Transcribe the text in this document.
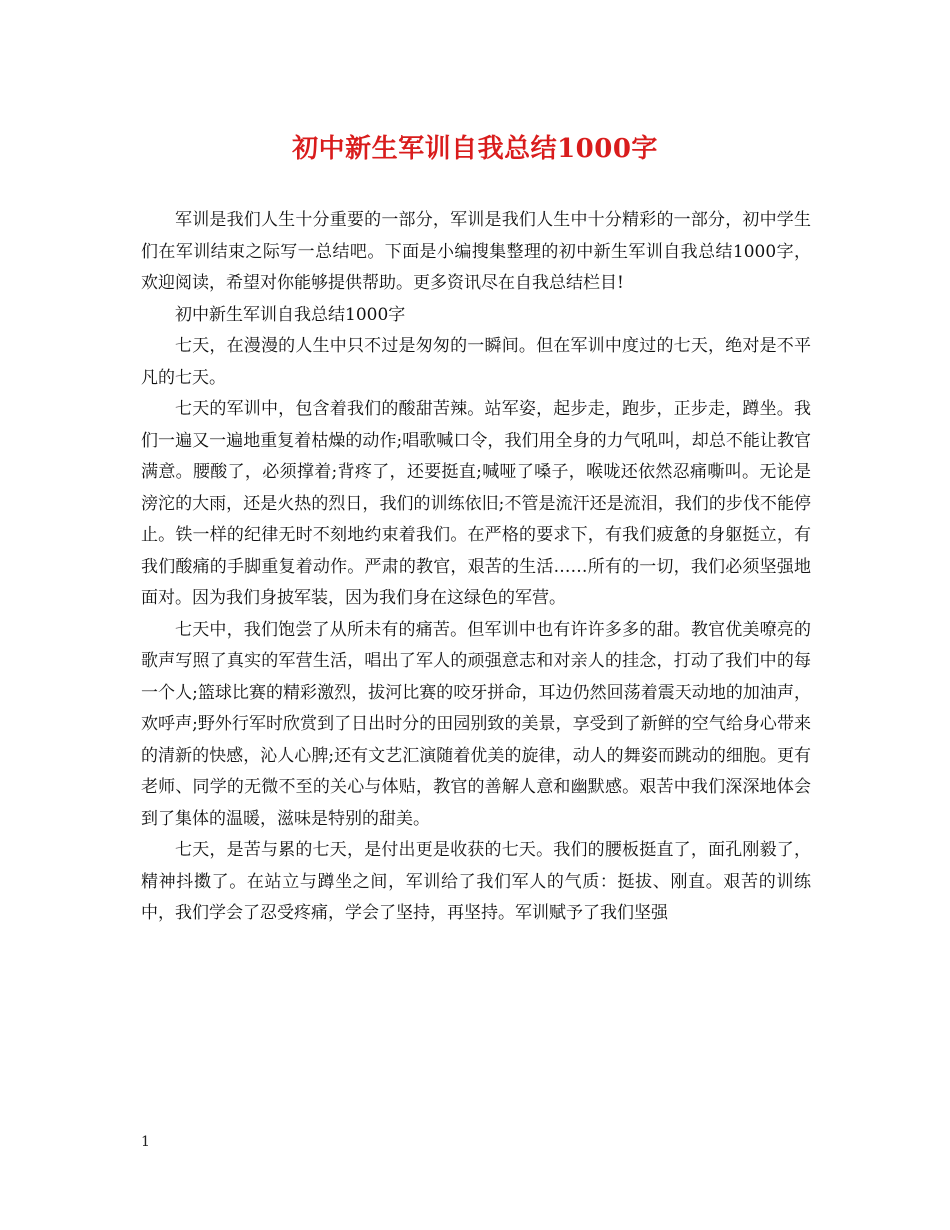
初中新生军训自我总结1000字

军训是我们人生十分重要的一部分，军训是我们人生中十分精彩的一部分，初中学生们在军训结束之际写一总结吧。下面是小编搜集整理的初中新生军训自我总结1000字，欢迎阅读，希望对你能够提供帮助。更多资讯尽在自我总结栏目!

初中新生军训自我总结1000字

七天，在漫漫的人生中只不过是匆匆的一瞬间。但在军训中度过的七天，绝对是不平凡的七天。

七天的军训中，包含着我们的酸甜苦辣。站军姿，起步走，跑步，正步走，蹲坐。我们一遍又一遍地重复着枯燥的动作;唱歌喊口令，我们用全身的力气吼叫，却总不能让教官满意。腰酸了，必须撑着;背疼了，还要挺直;喊哑了嗓子，喉咙还依然忍痛嘶叫。无论是滂沱的大雨，还是火热的烈日，我们的训练依旧;不管是流汗还是流泪，我们的步伐不能停止。铁一样的纪律无时不刻地约束着我们。在严格的要求下，有我们疲惫的身躯挺立，有我们酸痛的手脚重复着动作。严肃的教官，艰苦的生活……所有的一切，我们必须坚强地面对。因为我们身披军装，因为我们身在这绿色的军营。

七天中，我们饱尝了从所未有的痛苦。但军训中也有许许多多的甜。教官优美嘹亮的歌声写照了真实的军营生活，唱出了军人的顽强意志和对亲人的挂念，打动了我们中的每一个人;篮球比赛的精彩激烈，拔河比赛的咬牙拼命，耳边仍然回荡着震天动地的加油声，欢呼声;野外行军时欣赏到了日出时分的田园别致的美景，享受到了新鲜的空气给身心带来的清新的快感，沁人心脾;还有文艺汇演随着优美的旋律，动人的舞姿而跳动的细胞。更有老师、同学的无微不至的关心与体贴，教官的善解人意和幽默感。艰苦中我们深深地体会到了集体的温暖，滋味是特别的甜美。

七天，是苦与累的七天，是付出更是收获的七天。我们的腰板挺直了，面孔刚毅了，精神抖擞了。在站立与蹲坐之间，军训给了我们军人的气质：挺拔、刚直。艰苦的训练中，我们学会了忍受疼痛，学会了坚持，再坚持。军训赋予了我们坚强

1
